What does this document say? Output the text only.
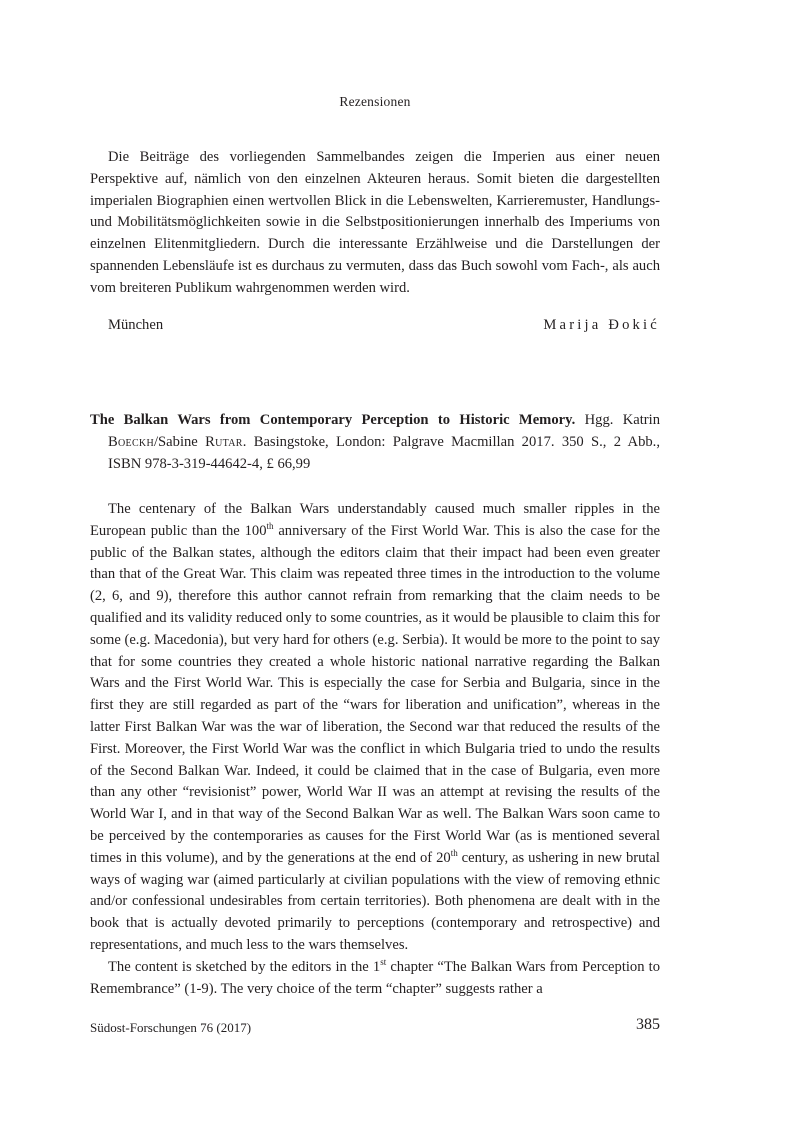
Rezensionen

Die Beiträge des vorliegenden Sammelbandes zeigen die Imperien aus einer neuen Perspektive auf, nämlich von den einzelnen Akteuren heraus. Somit bieten die dargestellten imperialen Biographien einen wertvollen Blick in die Lebenswelten, Karrieremuster, Handlungs- und Mobilitätsmöglichkeiten sowie in die Selbstpositionierungen innerhalb des Imperiums von einzelnen Elitenmitgliedern. Durch die interessante Erzählweise und die Darstellungen der spannenden Lebensläufe ist es durchaus zu vermuten, dass das Buch sowohl vom Fach-, als auch vom breiteren Publikum wahrgenommen werden wird.

München	Marija Đokić
The Balkan Wars from Contemporary Perception to Historic Memory. Hgg. Katrin Boeckh/Sabine Rutar. Basingstoke, London: Palgrave Macmillan 2017. 350 S., 2 Abb., ISBN 978-3-319-44642-4, £ 66,99

The centenary of the Balkan Wars understandably caused much smaller ripples in the European public than the 100th anniversary of the First World War. This is also the case for the public of the Balkan states, although the editors claim that their impact had been even greater than that of the Great War. This claim was repeated three times in the introduction to the volume (2, 6, and 9), therefore this author cannot refrain from remarking that the claim needs to be qualified and its validity reduced only to some countries, as it would be plausible to claim this for some (e.g. Macedonia), but very hard for others (e.g. Serbia). It would be more to the point to say that for some countries they created a whole historic national narrative regarding the Balkan Wars and the First World War. This is especially the case for Serbia and Bulgaria, since in the first they are still regarded as part of the “wars for liberation and unification”, whereas in the latter First Balkan War was the war of liberation, the Second war that reduced the results of the First. Moreover, the First World War was the conflict in which Bulgaria tried to undo the results of the Second Balkan War. Indeed, it could be claimed that in the case of Bulgaria, even more than any other “revisionist” power, World War II was an attempt at revising the results of the World War I, and in that way of the Second Balkan War as well. The Balkan Wars soon came to be perceived by the contemporaries as causes for the First World War (as is mentioned several times in this volume), and by the generations at the end of 20th century, as ushering in new brutal ways of waging war (aimed particularly at civilian populations with the view of removing ethnic and/or confessional undesirables from certain territories). Both phenomena are dealt with in the book that is actually devoted primarily to perceptions (contemporary and retrospective) and representations, and much less to the wars themselves.

The content is sketched by the editors in the 1st chapter “The Balkan Wars from Perception to Remembrance” (1-9). The very choice of the term “chapter” suggests rather a

Südost-Forschungen 76 (2017)	385
